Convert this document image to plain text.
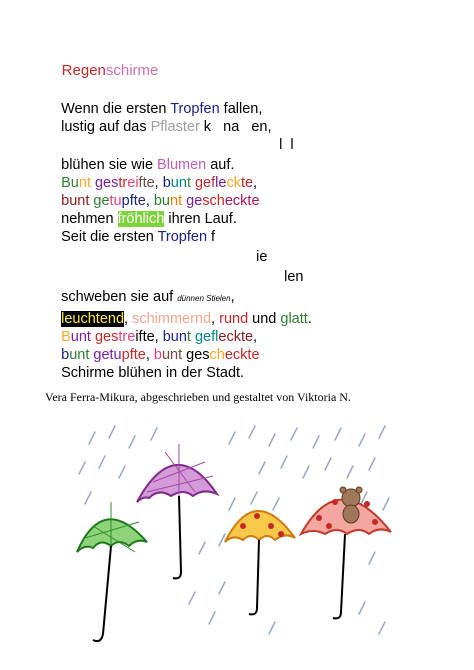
Regenschirme

Wenn die ersten Tropfen fallen,

lustig auf das Pflaster k   na   en,

l  l

blühen sie wie Blumen auf.

Bunt gestreifte, bunt gefleckte,

bunt getupfte, bunt gescheckte

nehmen fröhlich ihren Lauf.

Seit die ersten Tropfen f

ie

len

schweben sie auf dünnen Stielen,

leuchtend, schimmernd, rund und glatt.

Bunt gestreifte, bunt gefleckte,

bunt getupfte, bunt gescheckte

Schirme blühen in der Stadt.

Vera Ferra-Mikura, abgeschrieben und gestaltet von Viktoria N.
